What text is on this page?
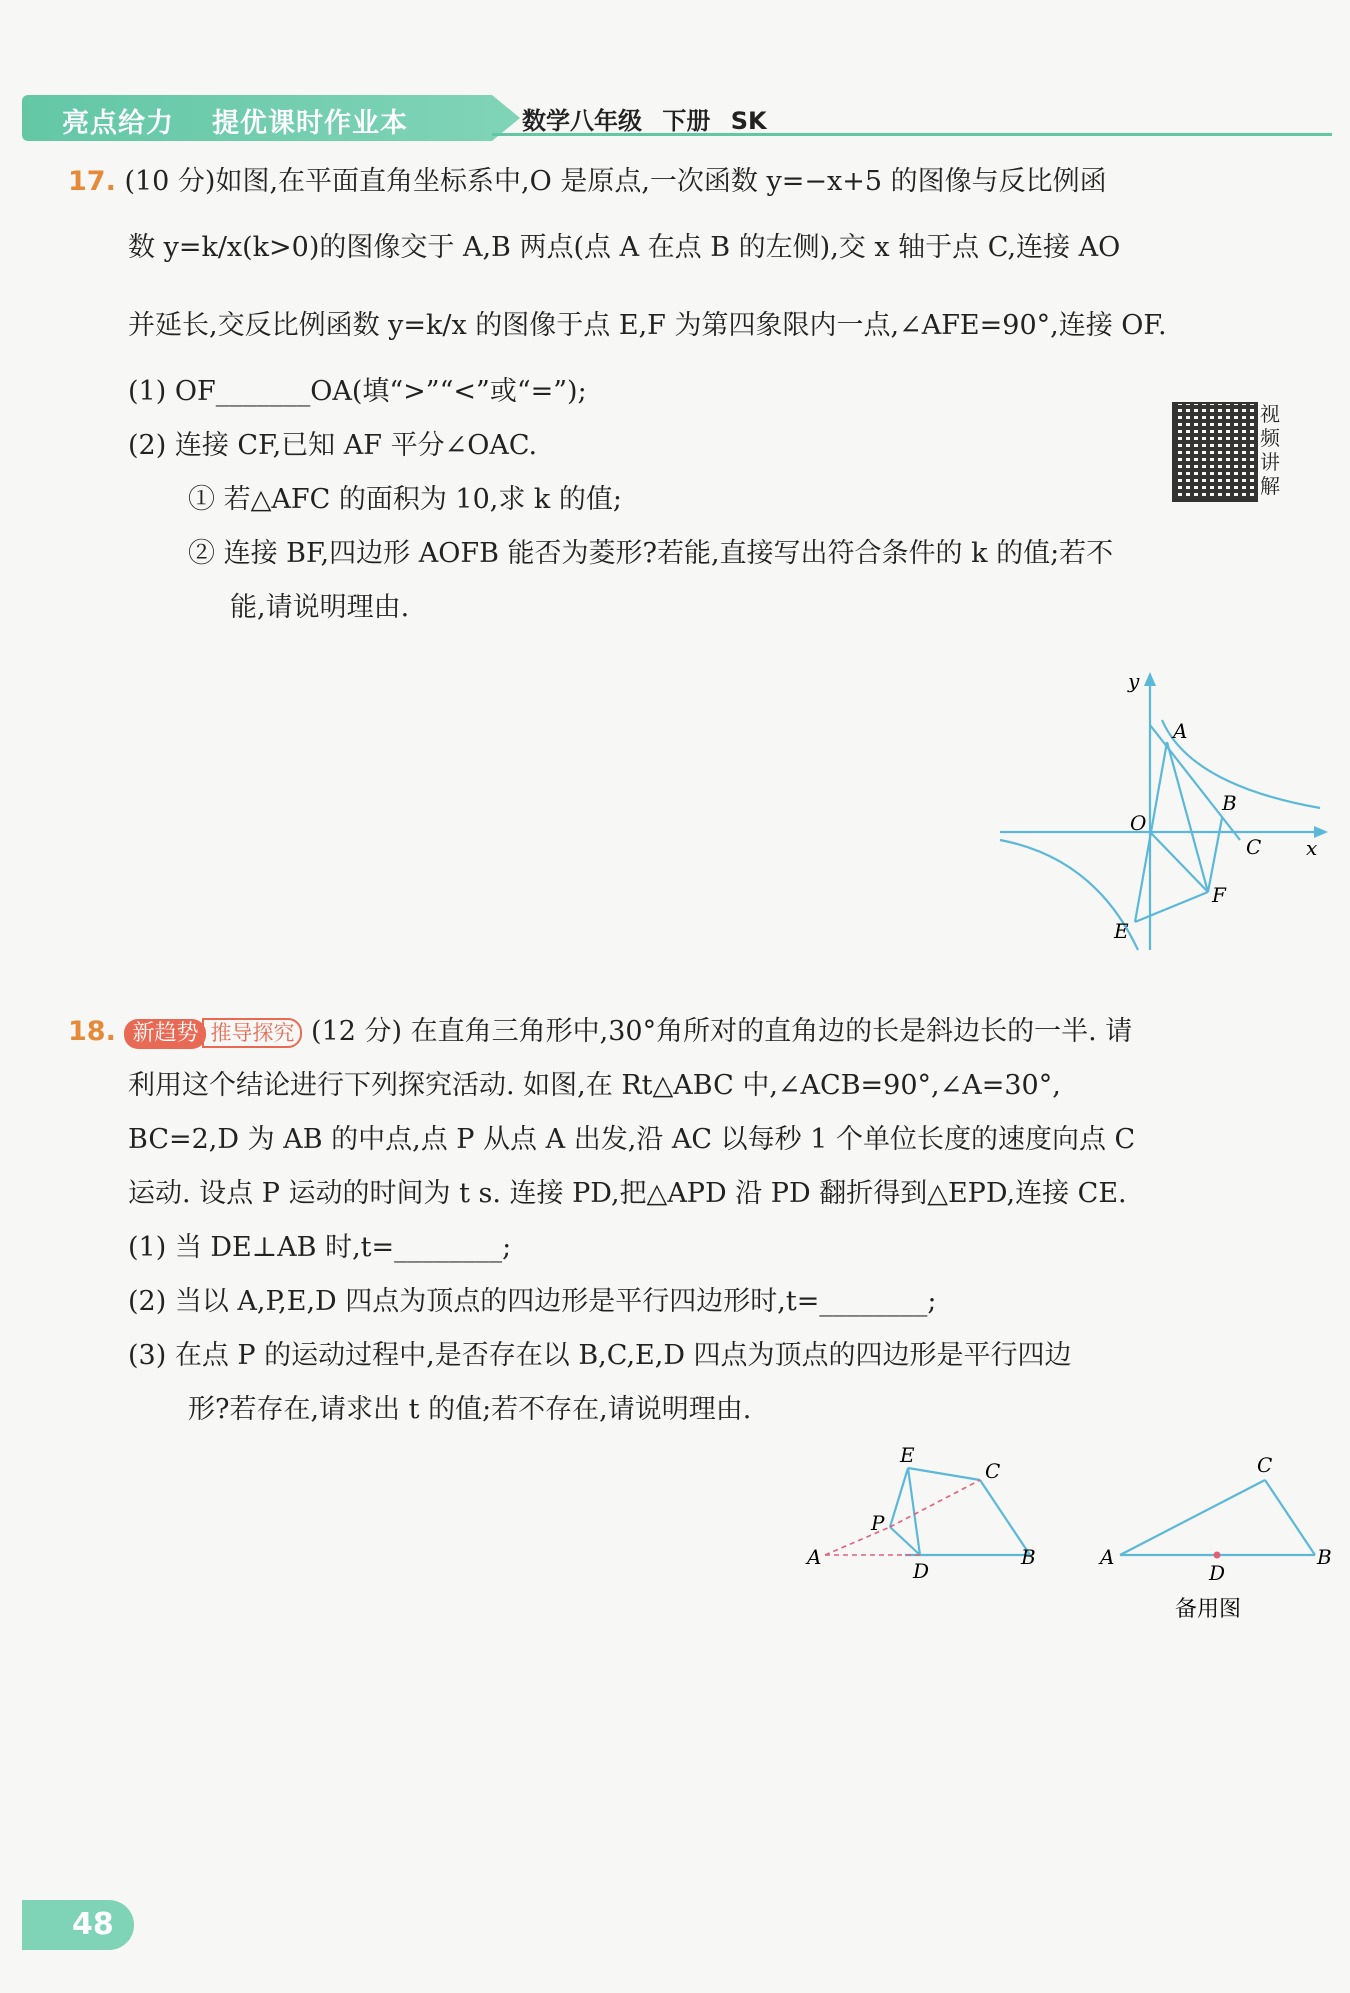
亮点给力 提优课时作业本	数学八年级 下册 SK
17. (10 分)如图,在平面直角坐标系中,O 是原点,一次函数 y=−x+5 的图像与反比例函
数 y=k/x(k>0)的图像交于 A,B 两点(点 A 在点 B 的左侧),交 x 轴于点 C,连接 AO
并延长,交反比例函数 y=k/x 的图像于点 E,F 为第四象限内一点,∠AFE=90°,连接 OF.
(1) OF_______OA(填“>”“<”或“=”);
(2) 连接 CF,已知 AF 平分∠OAC.
① 若△AFC 的面积为 10,求 k 的值;
② 连接 BF,四边形 AOFB 能否为菱形?若能,直接写出符合条件的 k 的值;若不
能,请说明理由.
视频讲解
y
x
O
A
B
C
F
E
18. 新趋势 推导探究 (12 分) 在直角三角形中,30°角所对的直角边的长是斜边长的一半. 请
利用这个结论进行下列探究活动. 如图,在 Rt△ABC 中,∠ACB=90°,∠A=30°,
BC=2,D 为 AB 的中点,点 P 从点 A 出发,沿 AC 以每秒 1 个单位长度的速度向点 C
运动. 设点 P 运动的时间为 t s. 连接 PD,把△APD 沿 PD 翻折得到△EPD,连接 CE.
(1) 当 DE⊥AB 时,t=________;
(2) 当以 A,P,E,D 四点为顶点的四边形是平行四边形时,t=________;
(3) 在点 P 的运动过程中,是否存在以 B,C,E,D 四点为顶点的四边形是平行四边
形?若存在,请求出 t 的值;若不存在,请说明理由.
E
C
P
A
D
B
C
A
D
B
备用图
48
